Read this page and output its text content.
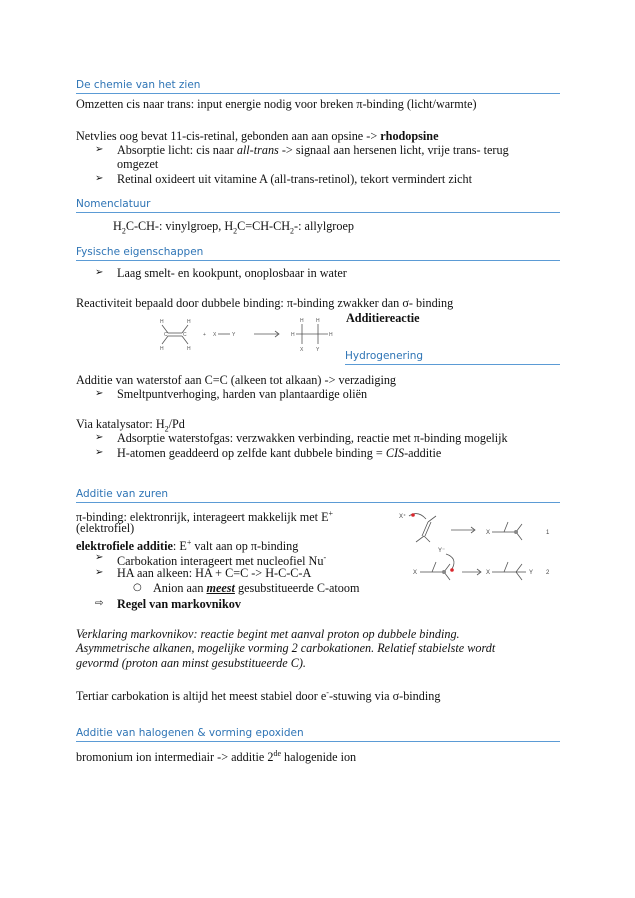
De chemie van het zien
Omzetten cis naar trans: input energie nodig voor breken π-binding (licht/warmte)
Netvlies oog bevat 11-cis-retinal, gebonden aan aan opsine -> rhodopsine
➢ Absorptie licht: cis naar all-trans -> signaal aan hersenen licht, vrije trans- terug
omgezet
➢ Retinal oxideert uit vitamine A (all-trans-retinol), tekort vermindert zicht
Nomenclatuur
$H_2C-CH-$: vinylgroep, $H_2C=CH-CH_2-$: allylgroep
Fysische eigenschappen
➢ Laag smelt- en kookpunt, onoplosbaar in water
Reactiviteit bepaald door dubbele binding: π-binding zwakker dan σ- binding
Additiereactie
H
H
H
H
C	C	+ X	Y	H	H
H H
X	Y Hydrogenering
Additie van waterstof aan C=C (alkeen tot alkaan) -> verzadiging
➢ Smeltpuntverhoging, harden van plantaardige oliën
Via katalysator: $H_2/Pd$
➢ Adsorptie waterstofgas: verzwakken verbinding, reactie met π-binding mogelijk
➢ H-atomen geaddeerd op zelfde kant dubbele binding = CIS-additie
Additie van zuren
π-binding: elektronrijk, interageert makkelijk met E+
(elektrofiel)
elektrofiele additie: E+ valt aan op π-binding
➢ Carbokation interageert met nucleofiel Nu-
➢ HA aan alkeen: HA + C=C -> H-C-C-A
○ Anion aan meest gesubstitueerde C-atoom
⇨ Regel van markovnikov
X⁺
X	1
Y⁻
X	X	Y 2
Verklaring markovnikov: reactie begint met aanval proton op dubbele binding.
Asymmetrische alkanen, mogelijke vorming 2 carbokationen. Relatief stabielste wordt
gevormd (proton aan minst gesubstitueerde C).
Tertiar carbokation is altijd het meest stabiel door e--stuwing via σ-binding
Additie van halogenen & vorming epoxiden
bromonium ion intermediair -> additie 2de halogenide ion
